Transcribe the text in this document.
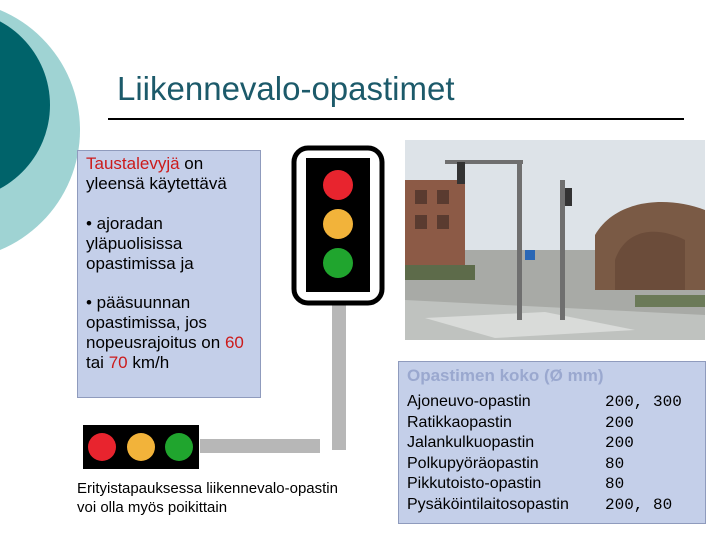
Liikennevalo-opastimet

Taustalevyjä on

yleensä käytettävä

• ajoradan yläpuolisissa opastimissa ja

• pääsuunnan opastimissa, jos nopeusrajoitus on 60 tai 70 km/h

Erityistapauksessa liikennevalo-opastin voi olla myös poikittain
Opastimen koko (Ø mm)
Ajoneuvo-opastin	200, 300
Ratikkaopastin	200
Jalankulkuopastin	200
Polkupyöräopastin	80
Pikkutoisto-opastin	80
Pysäköintilaitosopastin 200, 80
